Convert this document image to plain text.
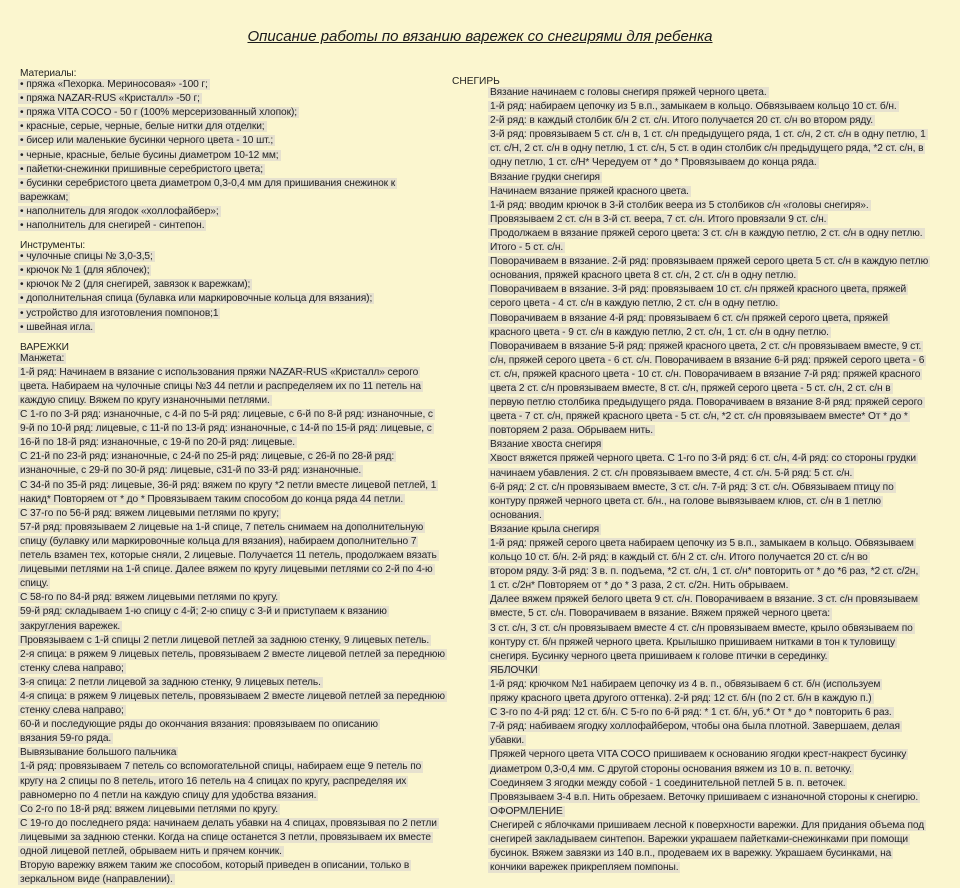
Описание работы по вязанию варежек со снегирями для ребенка
Материалы:
• пряжа «Пехорка. Мериносовая» -100 г;
• пряжа NAZAR-RUS «Кристалл» -50 г;
• пряжа VITA COCO - 50 г (100% мерсеризованный хлопок);
• красные, серые, черные, белые нитки для отделки;
• бисер или маленькие бусинки черного цвета - 10 шт.;
• черные, красные, белые бусины диаметром 10-12 мм;
• пайетки-снежинки пришивные серебристого цвета;
• бусинки серебристого цвета диаметром 0,3-0,4 мм для пришивания снежинок к
варежкам;
• наполнитель для ягодок «холлофайбер»;
• наполнитель для снегирей - синтепон.
Инструменты:
• чулочные спицы № 3,0-3,5;
• крючок № 1 (для яблочек);
• крючок № 2 (для снегирей, завязок к варежкам);
• дополнительная спица (булавка или маркировочные кольца для вязания);
• устройство для изготовления помпонов;1
• швейная игла.
ВАРЕЖКИ
Манжета:
1-й ряд: Начинаем в вязание с использования пряжи NAZAR-RUS «Кристалл» серого
цвета. Набираем на чулочные спицы №3 44 петли и распределяем их по 11 петель на
каждую спицу. Вяжем по кругу изнаночными петлями.
С 1-го по 3-й ряд: изнаночные, с 4-й по 5-й ряд: лицевые, с 6-й по 8-й ряд: изнаночные, с
9-й по 10-й ряд: лицевые, с 11-й по 13-й ряд: изнаночные, с 14-й по 15-й ряд: лицевые, с
16-й по 18-й ряд: изнаночные, с 19-й по 20-й ряд: лицевые.
С 21-й по 23-й ряд: изнаночные, с 24-й по 25-й ряд: лицевые, с 26-й по 28-й ряд:
изнаночные, с 29-й по 30-й ряд: лицевые, с31-й по 33-й ряд: изнаночные.
С 34-й по 35-й ряд: лицевые, 36-й ряд: вяжем по кругу *2 петли вместе лицевой петлей, 1
накид* Повторяем от * до * Провязываем таким способом до конца ряда 44 петли.
С 37-го по 56-й ряд: вяжем лицевыми петлями по кругу;
57-й ряд: провязываем 2 лицевые на 1-й спице, 7 петель снимаем на дополнительную
спицу (булавку или маркировочные кольца для вязания), набираем дополнительно 7
петель взамен тех, которые сняли, 2 лицевые. Получается 11 петель, продолжаем вязать
лицевыми петлями на 1-й спице. Далее вяжем по кругу лицевыми петлями со 2-й по 4-ю
спицу.
С 58-го по 84-й ряд: вяжем лицевыми петлями по кругу.
59-й ряд: складываем 1-ю спицу с 4-й; 2-ю спицу с 3-й и приступаем к вязанию
закругления варежек.
Провязываем с 1-й спицы 2 петли лицевой петлей за заднюю стенку, 9 лицевых петель.
2-я спица: в ряжем 9 лицевых петель, провязываем 2 вместе лицевой петлей за переднюю
стенку слева направо;
3-я спица: 2 петли лицевой за заднюю стенку, 9 лицевых петель.
4-я спица: в ряжем 9 лицевых петель, провязываем 2 вместе лицевой петлей за переднюю
стенку слева направо;
60-й и последующие ряды до окончания вязания: провязываем по описанию
вязания 59-го ряда.
Вывязывание большого пальчика
1-й ряд: провязываем 7 петель со вспомогательной спицы, набираем еще 9 петель по
кругу на 2 спицы по 8 петель, итого 16 петель на 4 спицах по кругу, распределяя их
равномерно по 4 петли на каждую спицу для удобства вязания.
Со 2-го по 18-й ряд: вяжем лицевыми петлями по кругу.
С 19-го до последнего ряда: начинаем делать убавки на 4 спицах, провязывая по 2 петли
лицевыми за заднюю стенки. Когда на спице останется 3 петли, провязываем их вместе
одной лицевой петлей, обрываем нить и прячем кончик.
Вторую варежку вяжем таким же способом, который приведен в описании, только в
зеркальном виде (направлении).
СНЕГИРЬ
Вязание начинаем с головы снегиря пряжей черного цвета.
1-й ряд: набираем цепочку из 5 в.п., замыкаем в кольцо. Обвязываем кольцо 10 ст. б/н.
2-й ряд: в каждый столбик б/н 2 ст. с/н. Итого получается 20 ст. с/н во втором ряду.
3-й ряд: провязываем 5 ст. с/н в, 1 ст. с/н предыдущего ряда, 1 ст. с/н, 2 ст. с/н в одну петлю, 1
ст. с/Н, 2 ст. с/н в одну петлю, 1 ст. с/н, 5 ст. в один столбик с/н предыдущего ряда, *2 ст. с/н, в
одну петлю, 1 ст. с/Н* Чередуем от * до * Провязываем до конца ряда.
Вязание грудки снегиря
Начинаем вязание пряжей красного цвета.
1-й ряд: вводим крючок в 3-й столбик веера из 5 столбиков с/н «головы снегиря».
Провязываем 2 ст. с/н в 3-й ст. веера, 7 ст. с/н. Итого провязали 9 ст. с/н.
Продолжаем в вязание пряжей серого цвета: 3 ст. с/н в каждую петлю, 2 ст. с/н в одну петлю.
Итого - 5 ст. с/н.
Поворачиваем в вязание. 2-й ряд: провязываем пряжей серого цвета 5 ст. с/н в каждую петлю
основания, пряжей красного цвета 8 ст. с/н, 2 ст. с/н в одну петлю.
Поворачиваем в вязание. 3-й ряд: провязываем 10 ст. с/н пряжей красного цвета, пряжей
серого цвета - 4 ст. с/н в каждую петлю, 2 ст. с/н в одну петлю.
Поворачиваем в вязание 4-й ряд: провязываем 6 ст. с/н пряжей серого цвета, пряжей
красного цвета - 9 ст. с/н в каждую петлю, 2 ст. с/н, 1 ст. с/н в одну петлю.
Поворачиваем в вязание 5-й ряд: пряжей красного цвета, 2 ст. с/н провязываем вместе, 9 ст.
с/н, пряжей серого цвета - 6 ст. с/н. Поворачиваем в вязание 6-й ряд: пряжей серого цвета - 6
ст. с/н, пряжей красного цвета - 10 ст. с/н. Поворачиваем в вязание 7-й ряд: пряжей красного
цвета 2 ст. с/н провязываем вместе, 8 ст. с/н, пряжей серого цвета - 5 ст. с/н, 2 ст. с/н в
первую петлю столбика предыдущего ряда. Поворачиваем в вязание 8-й ряд: пряжей серого
цвета - 7 ст. с/н, пряжей красного цвета - 5 ст. с/н, *2 ст. с/н провязываем вместе* От * до *
повторяем 2 раза. Обрываем нить.
Вязание хвоста снегиря
Хвост вяжется пряжей черного цвета. С 1-го по 3-й ряд: 6 ст. с/н, 4-й ряд: со стороны грудки
начинаем убавления. 2 ст. с/н провязываем вместе, 4 ст. с/н. 5-й ряд: 5 ст. с/н.
6-й ряд: 2 ст. с/н провязываем вместе, 3 ст. с/н. 7-й ряд: 3 ст. с/н. Обвязываем птицу по
контуру пряжей черного цвета ст. б/н., на голове вывязываем клюв, ст. с/н в 1 петлю
основания.
Вязание крыла снегиря
1-й ряд: пряжей серого цвета набираем цепочку из 5 в.п., замыкаем в кольцо. Обвязываем
кольцо 10 ст. б/н. 2-й ряд: в каждый ст. б/н 2 ст. с/н. Итого получается 20 ст. с/н во
втором ряду. 3-й ряд: 3 в. п. подъема, *2 ст. с/н, 1 ст. с/н* повторить от * до *6 раз, *2 ст. с/2н,
1 ст. с/2н* Повторяем от * до * 3 раза, 2 ст. с/2н. Нить обрываем.
Далее вяжем пряжей белого цвета 9 ст. с/н. Поворачиваем в вязание. 3 ст. с/н провязываем
вместе, 5 ст. с/н. Поворачиваем в вязание. Вяжем пряжей черного цвета:
3 ст. с/н, 3 ст. с/н провязываем вместе 4 ст. с/н провязываем вместе, крыло обвязываем по
контуру ст. б/н пряжей черного цвета. Крылышко пришиваем нитками в тон к туловищу
снегиря. Бусинку черного цвета пришиваем к голове птички в серединку.
ЯБЛОЧКИ
1-й ряд: крючком №1 набираем цепочку из 4 в. п., обвязываем 6 ст. б/н (используем
пряжу красного цвета другого оттенка). 2-й ряд: 12 ст. б/н (по 2 ст. б/н в каждую п.)
С 3-го по 4-й ряд: 12 ст. б/н. С 5-го по 6-й ряд: * 1 ст. б/н, уб.* От * до * повторить 6 раз.
7-й ряд: набиваем ягодку холлофайбером, чтобы она была плотной. Завершаем, делая
убавки.
Пряжей черного цвета VITA COCO пришиваем к основанию ягодки крест-накрест бусинку
диаметром 0,3-0,4 мм. С другой стороны основания вяжем из 10 в. п. веточку.
Соединяем 3 ягодки между собой - 1 соединительной петлей 5 в. п. веточек.
Провязываем 3-4 в.п. Нить обрезаем. Веточку пришиваем с изнаночной стороны к снегирю.
ОФОРМЛЕНИЕ
Снегирей с яблочками пришиваем лесной к поверхности варежки. Для придания объема под
снегирей закладываем синтепон. Варежки украшаем пайетками-снежинками при помощи
бусинок. Вяжем завязки из 140 в.п., продеваем их в варежку. Украшаем бусинками, на
кончики варежек прикрепляем помпоны.
